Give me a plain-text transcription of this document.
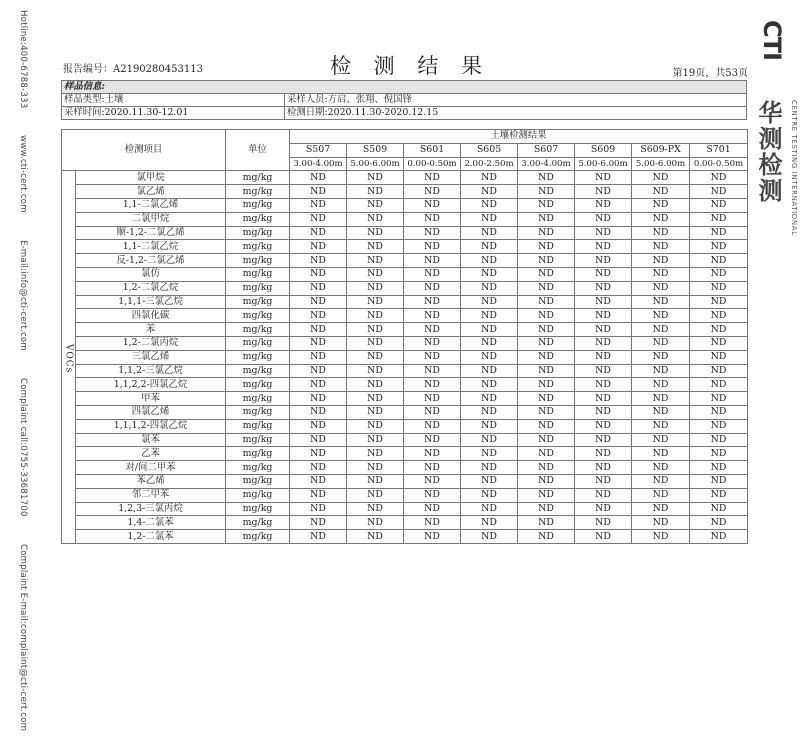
Hotline:400-6788-333 www.cti-cert.com E-mail:info@cti-cert.com Complaint call:0755-33681700 Complaint E-mail:complaint@cti-cert.com
CTI
华测检测	CENTRE TESTING INTERNATIONAL
报告编号：A2190280453113	检 测 结 果	第19页，共53页
样品信息:	
样品类型:土壤	采样人员:方启、张翔、倪国锋
采样时间:2020.11.30-12.01	检测日期:2020.11.30-2020.12.15
检测项目		单位	土壤检测结果							
			S507	S509	S601	S605	S607	S609	S609-PX	S701
			3.00-4.00m	5.00-6.00m	0.00-0.50m	2.00-2.50m	3.00-4.00m	5.00-6.00m	5.00-6.00m	0.00-0.50m
VOCs	氯甲烷	mg/kg	ND	ND	ND	ND	ND	ND	ND	ND
	氯乙烯	mg/kg	ND	ND	ND	ND	ND	ND	ND	ND
	1,1-二氯乙烯	mg/kg	ND	ND	ND	ND	ND	ND	ND	ND
	二氯甲烷	mg/kg	ND	ND	ND	ND	ND	ND	ND	ND
	顺-1,2-二氯乙烯	mg/kg	ND	ND	ND	ND	ND	ND	ND	ND
	1,1-二氯乙烷	mg/kg	ND	ND	ND	ND	ND	ND	ND	ND
	反-1,2-二氯乙烯	mg/kg	ND	ND	ND	ND	ND	ND	ND	ND
	氯仿	mg/kg	ND	ND	ND	ND	ND	ND	ND	ND
	1,2-二氯乙烷	mg/kg	ND	ND	ND	ND	ND	ND	ND	ND
	1,1,1-三氯乙烷	mg/kg	ND	ND	ND	ND	ND	ND	ND	ND
	四氯化碳	mg/kg	ND	ND	ND	ND	ND	ND	ND	ND
	苯	mg/kg	ND	ND	ND	ND	ND	ND	ND	ND
	1,2-二氯丙烷	mg/kg	ND	ND	ND	ND	ND	ND	ND	ND
	三氯乙烯	mg/kg	ND	ND	ND	ND	ND	ND	ND	ND
	1,1,2-三氯乙烷	mg/kg	ND	ND	ND	ND	ND	ND	ND	ND
	1,1,2,2-四氯乙烷	mg/kg	ND	ND	ND	ND	ND	ND	ND	ND
	甲苯	mg/kg	ND	ND	ND	ND	ND	ND	ND	ND
	四氯乙烯	mg/kg	ND	ND	ND	ND	ND	ND	ND	ND
	1,1,1,2-四氯乙烷	mg/kg	ND	ND	ND	ND	ND	ND	ND	ND
	氯苯	mg/kg	ND	ND	ND	ND	ND	ND	ND	ND
	乙苯	mg/kg	ND	ND	ND	ND	ND	ND	ND	ND
	对/间二甲苯	mg/kg	ND	ND	ND	ND	ND	ND	ND	ND
	苯乙烯	mg/kg	ND	ND	ND	ND	ND	ND	ND	ND
	邻二甲苯	mg/kg	ND	ND	ND	ND	ND	ND	ND	ND
	1,2,3-三氯丙烷	mg/kg	ND	ND	ND	ND	ND	ND	ND	ND
	1,4-二氯苯	mg/kg	ND	ND	ND	ND	ND	ND	ND	ND
	1,2-二氯苯	mg/kg	ND	ND	ND	ND	ND	ND	ND	ND
